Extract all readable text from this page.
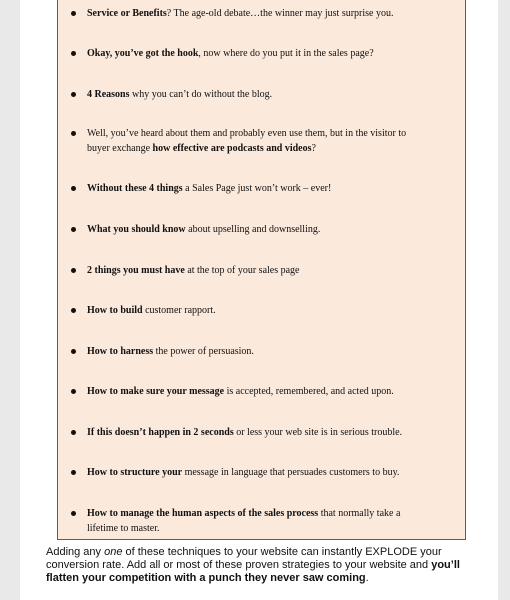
Service or Benefits? The age-old debate…the winner may just surprise you.
Okay, you’ve got the hook, now where do you put it in the sales page?
4 Reasons why you can’t do without the blog.
Well, you’ve heard about them and probably even use them, but in the visitor to buyer exchange how effective are podcasts and videos?
Without these 4 things a Sales Page just won’t work – ever!
What you should know about upselling and downselling.
2 things you must have at the top of your sales page
How to build customer rapport.
How to harness the power of persuasion.
How to make sure your message is accepted, remembered, and acted upon.
If this doesn’t happen in 2 seconds or less your web site is in serious trouble.
How to structure your message in language that persuades customers to buy.
How to manage the human aspects of the sales process that normally take a lifetime to master.

Adding any one of these techniques to your website can instantly EXPLODE your conversion rate. Add all or most of these proven strategies to your website and you’ll flatten your competition with a punch they never saw coming.
